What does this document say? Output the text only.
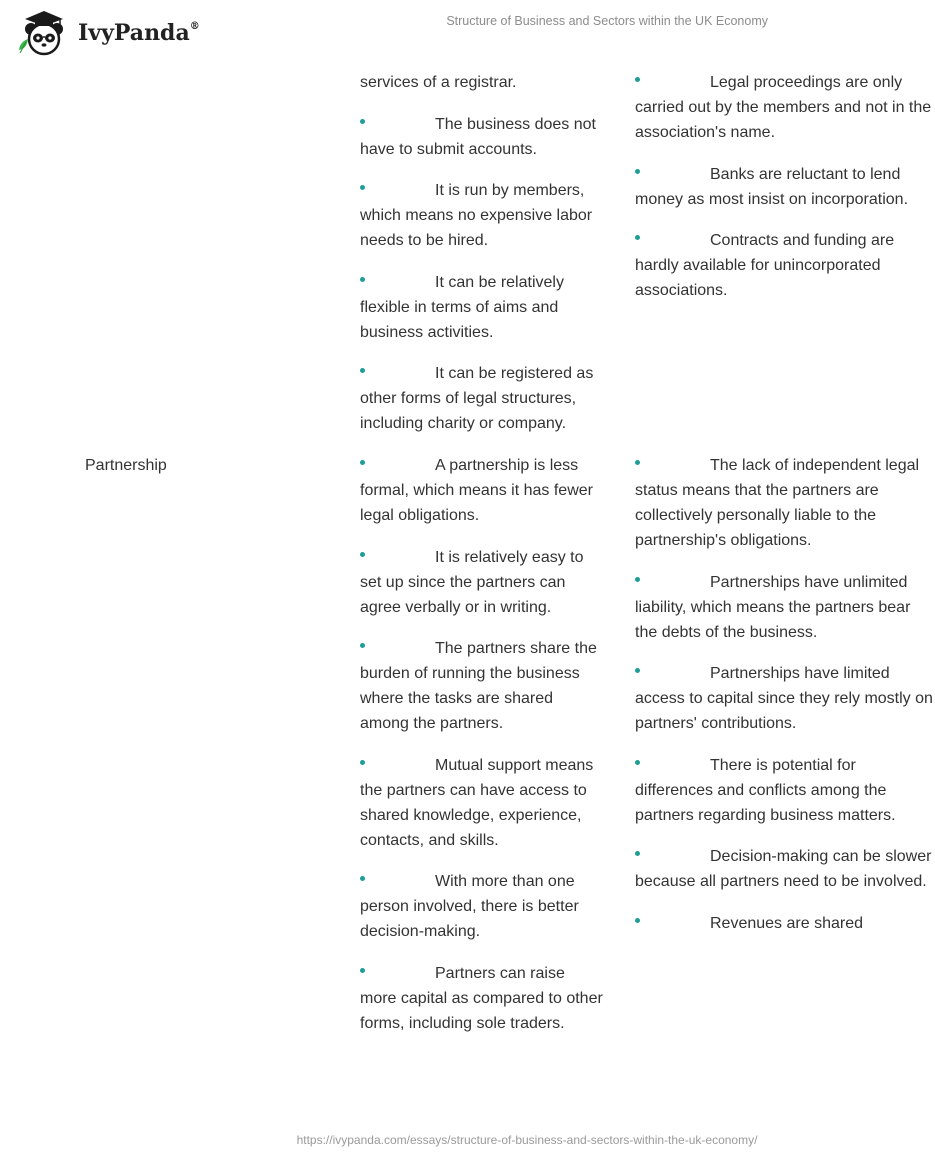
IvyPanda®	Structure of Business and Sectors within the UK Economy
services of a registrar.
The business does not have to submit accounts.
It is run by members, which means no expensive labor needs to be hired.
It can be relatively flexible in terms of aims and business activities.
It can be registered as other forms of legal structures, including charity or company.
Legal proceedings are only carried out by the members and not in the association's name.
Banks are reluctant to lend money as most insist on incorporation.
Contracts and funding are hardly available for unincorporated associations.
Partnership	A partnership is less formal, which means it has fewer legal obligations.
It is relatively easy to set up since the partners can agree verbally or in writing.
The partners share the burden of running the business where the tasks are shared among the partners.
Mutual support means the partners can have access to shared knowledge, experience, contacts, and skills.
With more than one person involved, there is better decision-making.
Partners can raise more capital as compared to other forms, including sole traders.
The lack of independent legal status means that the partners are collectively personally liable to the partnership's obligations.
Partnerships have unlimited liability, which means the partners bear the debts of the business.
Partnerships have limited access to capital since they rely mostly on partners' contributions.
There is potential for differences and conflicts among the partners regarding business matters.
Decision-making can be slower because all partners need to be involved.
Revenues are shared
https://ivypanda.com/essays/structure-of-business-and-sectors-within-the-uk-economy/
